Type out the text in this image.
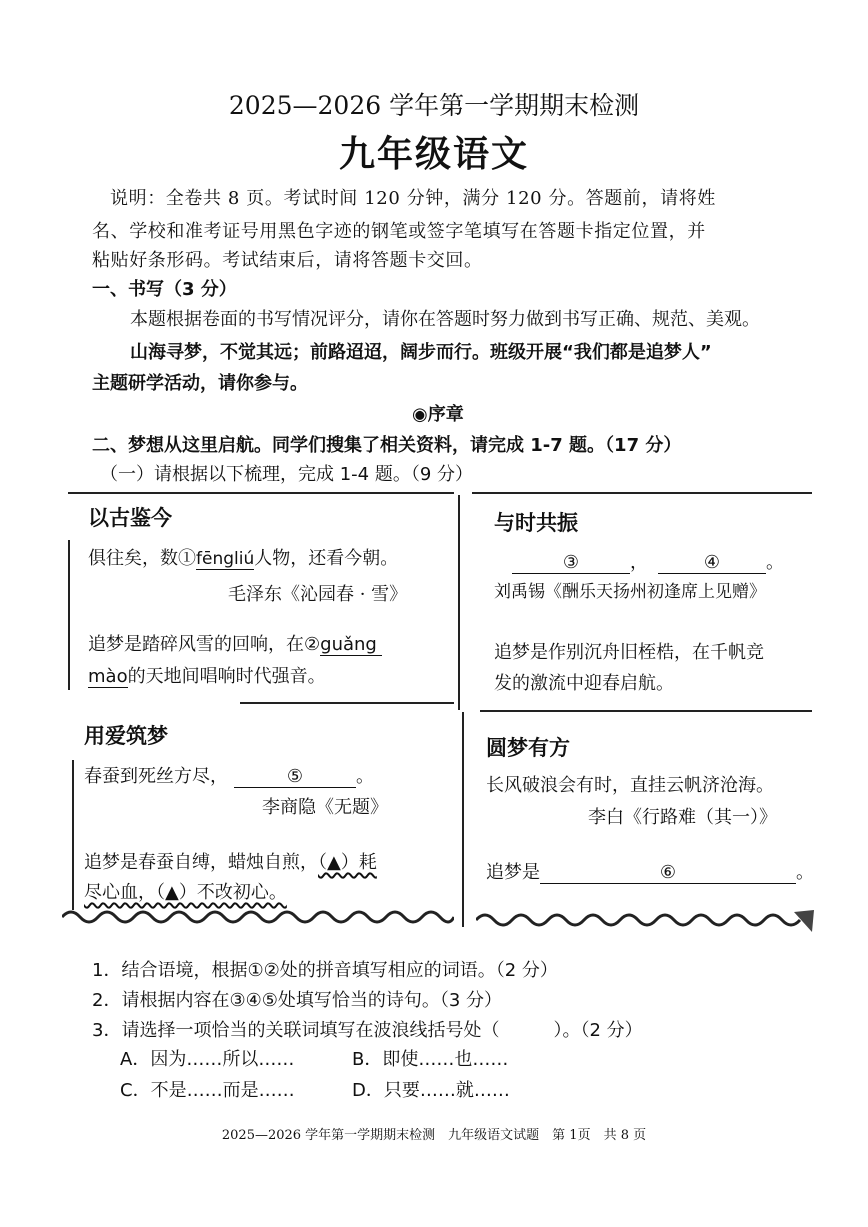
2025—2026 学年第一学期期末检测
九年级语文
说明：全卷共 8 页。考试时间 120 分钟，满分 120 分。答题前，请将姓
名、学校和准考证号用黑色字迹的钢笔或签字笔填写在答题卡指定位置，并
粘贴好条形码。考试结束后，请将答题卡交回。
一、书写（3 分）
本题根据卷面的书写情况评分，请你在答题时努力做到书写正确、规范、美观。
山海寻梦，不觉其远；前路迢迢，阔步而行。班级开展“我们都是追梦人”
主题研学活动，请你参与。
◉序章
二、梦想从这里启航。同学们搜集了相关资料，请完成 1-7 题。（17 分）
（一）请根据以下梳理，完成 1-4 题。（9 分）
以古鉴今
俱往矣，数①fēngliú人物，还看今朝。
毛泽东《沁园春 · 雪》
追梦是踏碎风雪的回响，在②guǎng
mào的天地间唱响时代强音。
与时共振
③	，	④	。
刘禹锡《酬乐天扬州初逢席上见赠》
追梦是作别沉舟旧桎梏，在千帆竞
发的激流中迎春启航。
用爱筑梦
春蚕到死丝方尽，	⑤	。
李商隐《无题》
追梦是春蚕自缚，蜡烛自煎，（▲）耗
尽心血，（▲）不改初心。
圆梦有方
长风破浪会有时，直挂云帆济沧海。
李白《行路难（其一）》
追梦是	⑥	。
1．结合语境，根据①②处的拼音填写相应的词语。（2 分）
2．请根据内容在③④⑤处填写恰当的诗句。（3 分）
3．请选择一项恰当的关联词填写在波浪线括号处（　　　）。（2 分）
A．因为……所以……	B．即使……也……
C．不是……而是……	D．只要……就……
2025—2026 学年第一学期期末检测　九年级语文试题　第 1页　共 8 页
